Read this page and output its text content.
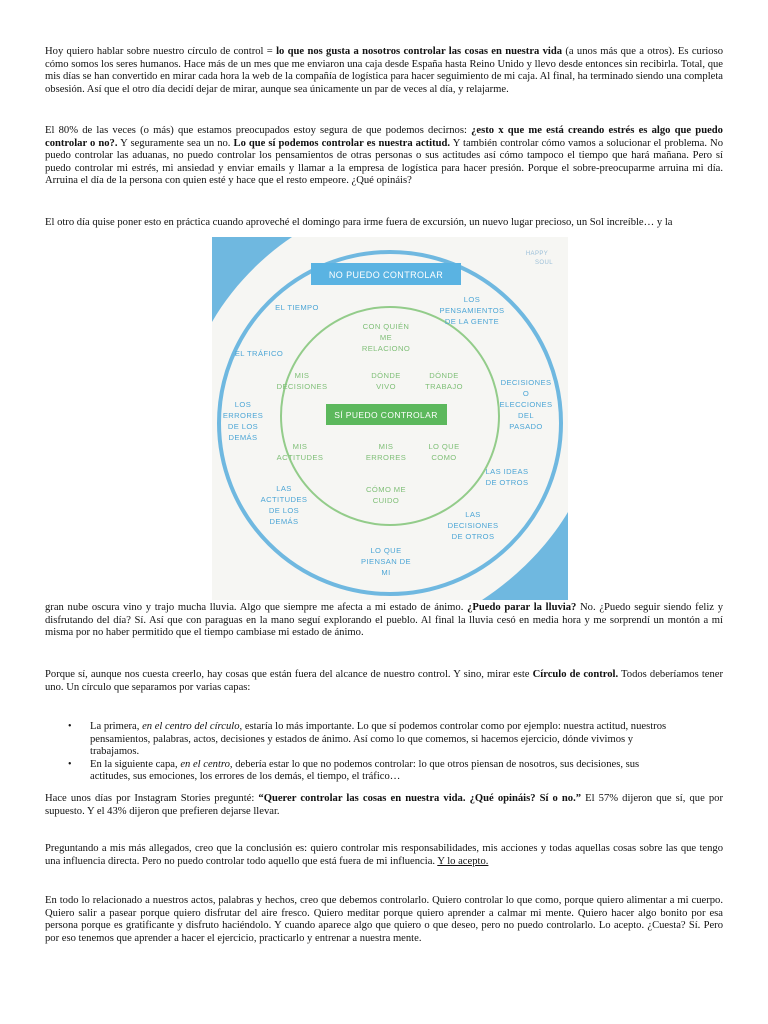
Hoy quiero hablar sobre nuestro círculo de control = lo que nos gusta a nosotros controlar las cosas en nuestra vida (a unos más que a otros). Es curioso cómo somos los seres humanos. Hace más de un mes que me enviaron una caja desde España hasta Reino Unido y llevo desde entonces sin recibirla. Total, que mis días se han convertido en mirar cada hora la web de la compañía de logística para hacer seguimiento de mi caja. Al final, ha terminado siendo una completa obsesión. Así que el otro día decidí dejar de mirar, aunque sea únicamente un par de veces al día, y relajarme.

El 80% de las veces (o más) que estamos preocupados estoy segura de que podemos decirnos: ¿esto x que me está creando estrés es algo que puedo controlar o no?. Y seguramente sea un no. Lo que sí podemos controlar es nuestra actitud. Y también controlar cómo vamos a solucionar el problema. No puedo controlar las aduanas, no puedo controlar los pensamientos de otras personas o sus actitudes así cómo tampoco el tiempo que hará mañana. Pero sí puedo controlar mi estrés, mi ansiedad y enviar emails y llamar a la empresa de logística para hacer presión. Porque el sobre-preocuparme arruina mi día. Arruina el día de la persona con quien esté y hace que el resto empeore. ¿Qué opináis?

El otro día quise poner esto en práctica cuando aproveché el domingo para irme fuera de excursión, un nuevo lugar precioso, un Sol increíble… y la

gran nube oscura vino y trajo mucha lluvia. Algo que siempre me afecta a mi estado de ánimo. ¿Puedo parar la lluvia? No. ¿Puedo seguir siendo feliz y disfrutando del día? Sí. Así que con paraguas en la mano seguí explorando el pueblo. Al final la lluvia cesó en media hora y me sorprendí un montón a mí misma por no haber permitido que el tiempo cambiase mi estado de ánimo.

Porque sí, aunque nos cuesta creerlo, hay cosas que están fuera del alcance de nuestro control. Y sino, mirar este Círculo de control. Todos deberíamos tener uno. Un círculo que separamos por varias capas:

Hace unos días por Instagram Stories pregunté: “Querer controlar las cosas en nuestra vida. ¿Qué opináis? Sí o no.” El 57% dijeron que sí, que por supuesto. Y el 43% dijeron que prefieren dejarse llevar.

Preguntando a mis más allegados, creo que la conclusión es: quiero controlar mis responsabilidades, mis acciones y todas aquellas cosas sobre las que tengo una influencia directa. Pero no puedo controlar todo aquello que está fuera de mi influencia. Y lo acepto.

En todo lo relacionado a nuestros actos, palabras y hechos, creo que debemos controlarlo. Quiero controlar lo que como, porque quiero alimentar a mi cuerpo. Quiero salir a pasear porque quiero disfrutar del aire fresco. Quiero meditar porque quiero aprender a calmar mi mente. Quiero hacer algo bonito por esa persona porque es gratificante y disfruto haciéndolo. Y cuando aparece algo que quiero o que deseo, pero no puedo controlarlo. Lo acepto. ¿Cuesta? Sí. Pero por eso tenemos que aprender a hacer el ejercicio, practicarlo y entrenar a nuestra mente.

• La primera, en el centro del círculo, estaría lo más importante. Lo que sí podemos controlar como por ejemplo: nuestra actitud, nuestros pensamientos, palabras, actos, decisiones y estados de ánimo. Así como lo que comemos, si hacemos ejercicio, dónde vivimos y trabajamos.
• En la siguiente capa, en el centro, debería estar lo que no podemos controlar: lo que otros piensan de nosotros, sus decisiones, sus actitudes, sus emociones, los errores de los demás, el tiempo, el tráfico…
NO PUEDO CONTROLAR
SÍ PUEDO CONTROLAR
HAPPY
SOUL
EL TIEMPO
LOS PENSAMIENTOS DE LA GENTE
EL TRÁFICO
DECISIONES O ELECCIONES DEL PASADO
LOS ERRORES DE LOS DEMÁS
LAS IDEAS DE OTROS
LAS ACTITUDES DE LOS DEMÁS
LAS DECISIONES DE OTROS
LO QUE PIENSAN DE MI
CON QUIÉN ME RELACIONO
MIS DECISIONES
DÓNDE VIVO
DÓNDE TRABAJO
MIS ACTITUDES
MIS ERRORES
LO QUE COMO
CÓMO ME CUIDO
